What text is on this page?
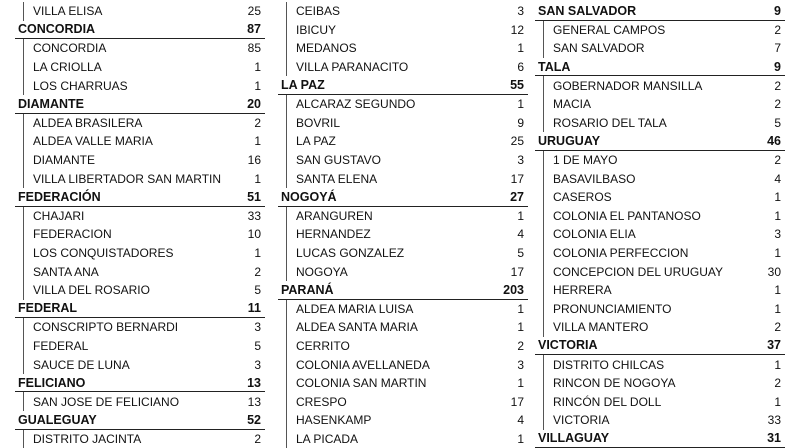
VILLA ELISA	25
CONCORDIA	87
CONCORDIA	85
LA CRIOLLA	1
LOS CHARRUAS	1
DIAMANTE	20
ALDEA BRASILERA	2
ALDEA VALLE MARIA	1
DIAMANTE	16
VILLA LIBERTADOR SAN MARTIN	1
FEDERACIÓN	51
CHAJARI	33
FEDERACION	10
LOS CONQUISTADORES	1
SANTA ANA	2
VILLA DEL ROSARIO	5
FEDERAL	11
CONSCRIPTO BERNARDI	3
FEDERAL	5
SAUCE DE LUNA	3
FELICIANO	13
SAN JOSE DE FELICIANO	13
GUALEGUAY	52
DISTRITO JACINTA	2
CEIBAS	3
IBICUY	12
MEDANOS	1
VILLA PARANACITO	6
LA PAZ	55
ALCARAZ SEGUNDO	1
BOVRIL	9
LA PAZ	25
SAN GUSTAVO	3
SANTA ELENA	17
NOGOYÁ	27
ARANGUREN	1
HERNANDEZ	4
LUCAS GONZALEZ	5
NOGOYA	17
PARANÁ	203
ALDEA MARIA LUISA	1
ALDEA SANTA MARIA	1
CERRITO	2
COLONIA AVELLANEDA	3
COLONIA SAN MARTIN	1
CRESPO	17
HASENKAMP	4
LA PICADA	1
SAN SALVADOR	9
GENERAL CAMPOS	2
SAN SALVADOR	7
TALA	9
GOBERNADOR MANSILLA	2
MACIA	2
ROSARIO DEL TALA	5
URUGUAY	46
1 DE MAYO	2
BASAVILBASO	4
CASEROS	1
COLONIA EL PANTANOSO	1
COLONIA ELIA	3
COLONIA PERFECCION	1
CONCEPCION DEL URUGUAY	30
HERRERA	1
PRONUNCIAMIENTO	1
VILLA MANTERO	2
VICTORIA	37
DISTRITO CHILCAS	1
RINCON DE NOGOYA	2
RINCÓN DEL DOLL	1
VICTORIA	33
VILLAGUAY	31
